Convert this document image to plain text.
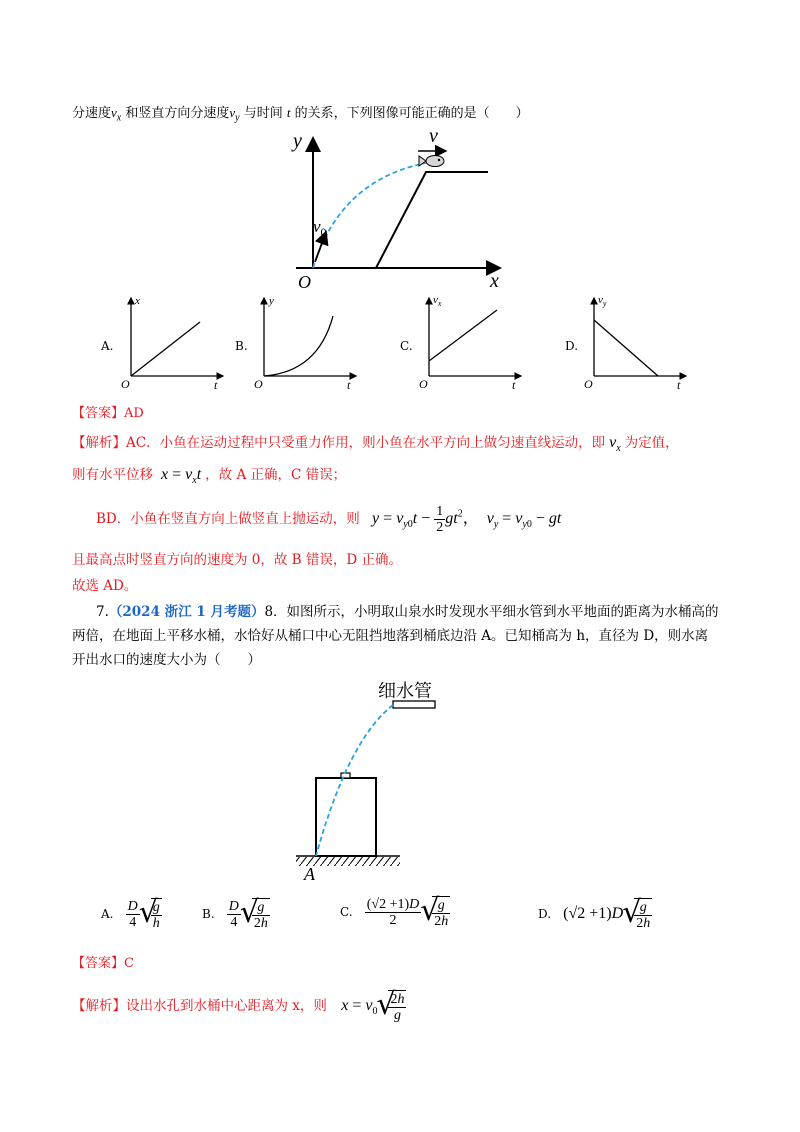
分速度$v_x$ 和竖直方向分速度$v_y$ 与时间 t 的关系，下列图像可能正确的是（　　）
y
x
O
v
$v_0$
x
t
O
y
t
O
$v_x$
t
O
$v_y$
t
O
A.	B.	C.	D.
【答案】AD
【解析】AC．小鱼在运动过程中只受重力作用，则小鱼在水平方向上做匀速直线运动，即 $v_x$ 为定值，
则有水平位移 $x = v_xt$ ，故 A 正确，C 错误；
BD．小鱼在竖直方向上做竖直上抛运动，则 $y = v_{y0}t - \frac{1}{2} gt^2$，  $v_y = v_{y0}$ − gt
且最高点时竖直方向的速度为 0，故 B 错误，D 正确。
故选 AD。
7.（2024 浙江 1 月考题）8．如图所示，小明取山泉水时发现水平细水管到水平地面的距离为水桶高的
两倍，在地面上平移水桶，水恰好从桶口中心无阻挡地落到桶底边沿 A。已知桶高为 h，直径为 D，则水离
开出水口的速度大小为（　　）
细水管
A
A. $\frac{D}{4}$ √ $\frac{g}{h}$	B. $\frac{D}{4}$ √ $\frac{g}{2h}$	C. $\frac{(√2 +1)D}{2}$ √ $\frac{g}{2h}$	D. (√2 +1)D √ $\frac{g}{2h}$
【答案】C
【解析】设出水孔到水桶中心距离为 x，则 $x = v_0$ √ $\frac{2h}{g}$
